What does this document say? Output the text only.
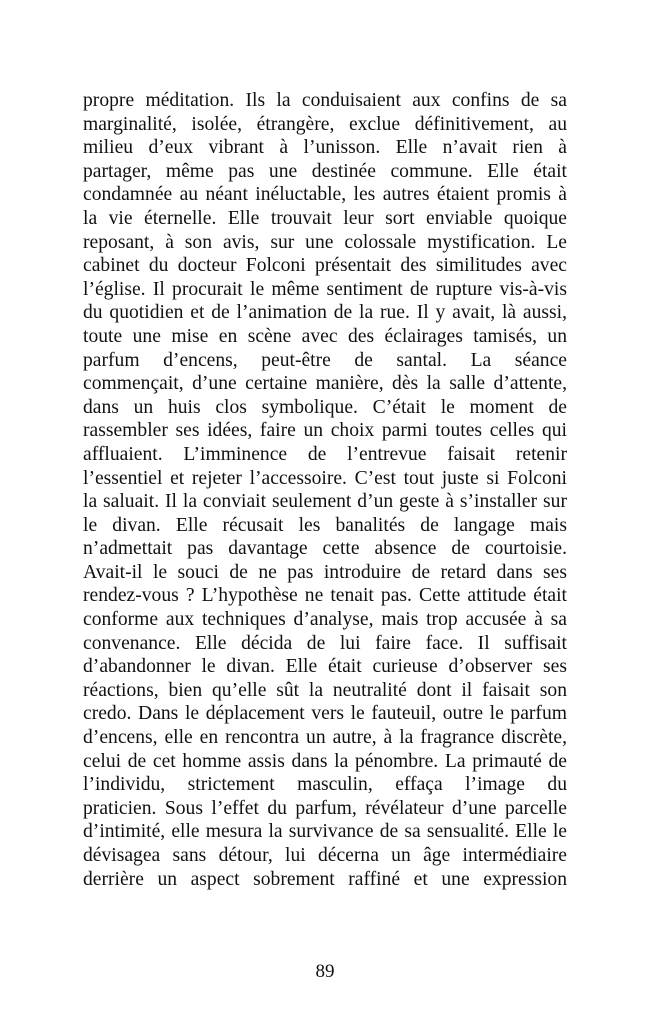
propre méditation. Ils la conduisaient aux confins de sa
marginalité, isolée, étrangère, exclue définitivement, au
milieu d’eux vibrant à l’unisson. Elle n’avait rien à
partager, même pas une destinée commune. Elle était
condamnée au néant inéluctable, les autres étaient promis à
la vie éternelle. Elle trouvait leur sort enviable quoique
reposant, à son avis, sur une colossale mystification. Le
cabinet du docteur Folconi présentait des similitudes avec
l’église. Il procurait le même sentiment de rupture vis-à-vis
du quotidien et de l’animation de la rue. Il y avait, là aussi,
toute une mise en scène avec des éclairages tamisés, un
parfum d’encens, peut-être de santal. La séance
commençait, d’une certaine manière, dès la salle d’attente,
dans un huis clos symbolique. C’était le moment de
rassembler ses idées, faire un choix parmi toutes celles qui
affluaient. L’imminence de l’entrevue faisait retenir
l’essentiel et rejeter l’accessoire. C’est tout juste si Folconi
la saluait. Il la conviait seulement d’un geste à s’installer sur
le divan. Elle récusait les banalités de langage mais
n’admettait pas davantage cette absence de courtoisie.
Avait-il le souci de ne pas introduire de retard dans ses
rendez-vous ? L’hypothèse ne tenait pas. Cette attitude était
conforme aux techniques d’analyse, mais trop accusée à sa
convenance. Elle décida de lui faire face. Il suffisait
d’abandonner le divan. Elle était curieuse d’observer ses
réactions, bien qu’elle sût la neutralité dont il faisait son
credo. Dans le déplacement vers le fauteuil, outre le parfum
d’encens, elle en rencontra un autre, à la fragrance discrète,
celui de cet homme assis dans la pénombre. La primauté de
l’individu, strictement masculin, effaça l’image du
praticien. Sous l’effet du parfum, révélateur d’une parcelle
d’intimité, elle mesura la survivance de sa sensualité. Elle le
dévisagea sans détour, lui décerna un âge intermédiaire
derrière un aspect sobrement raffiné et une expression
89
